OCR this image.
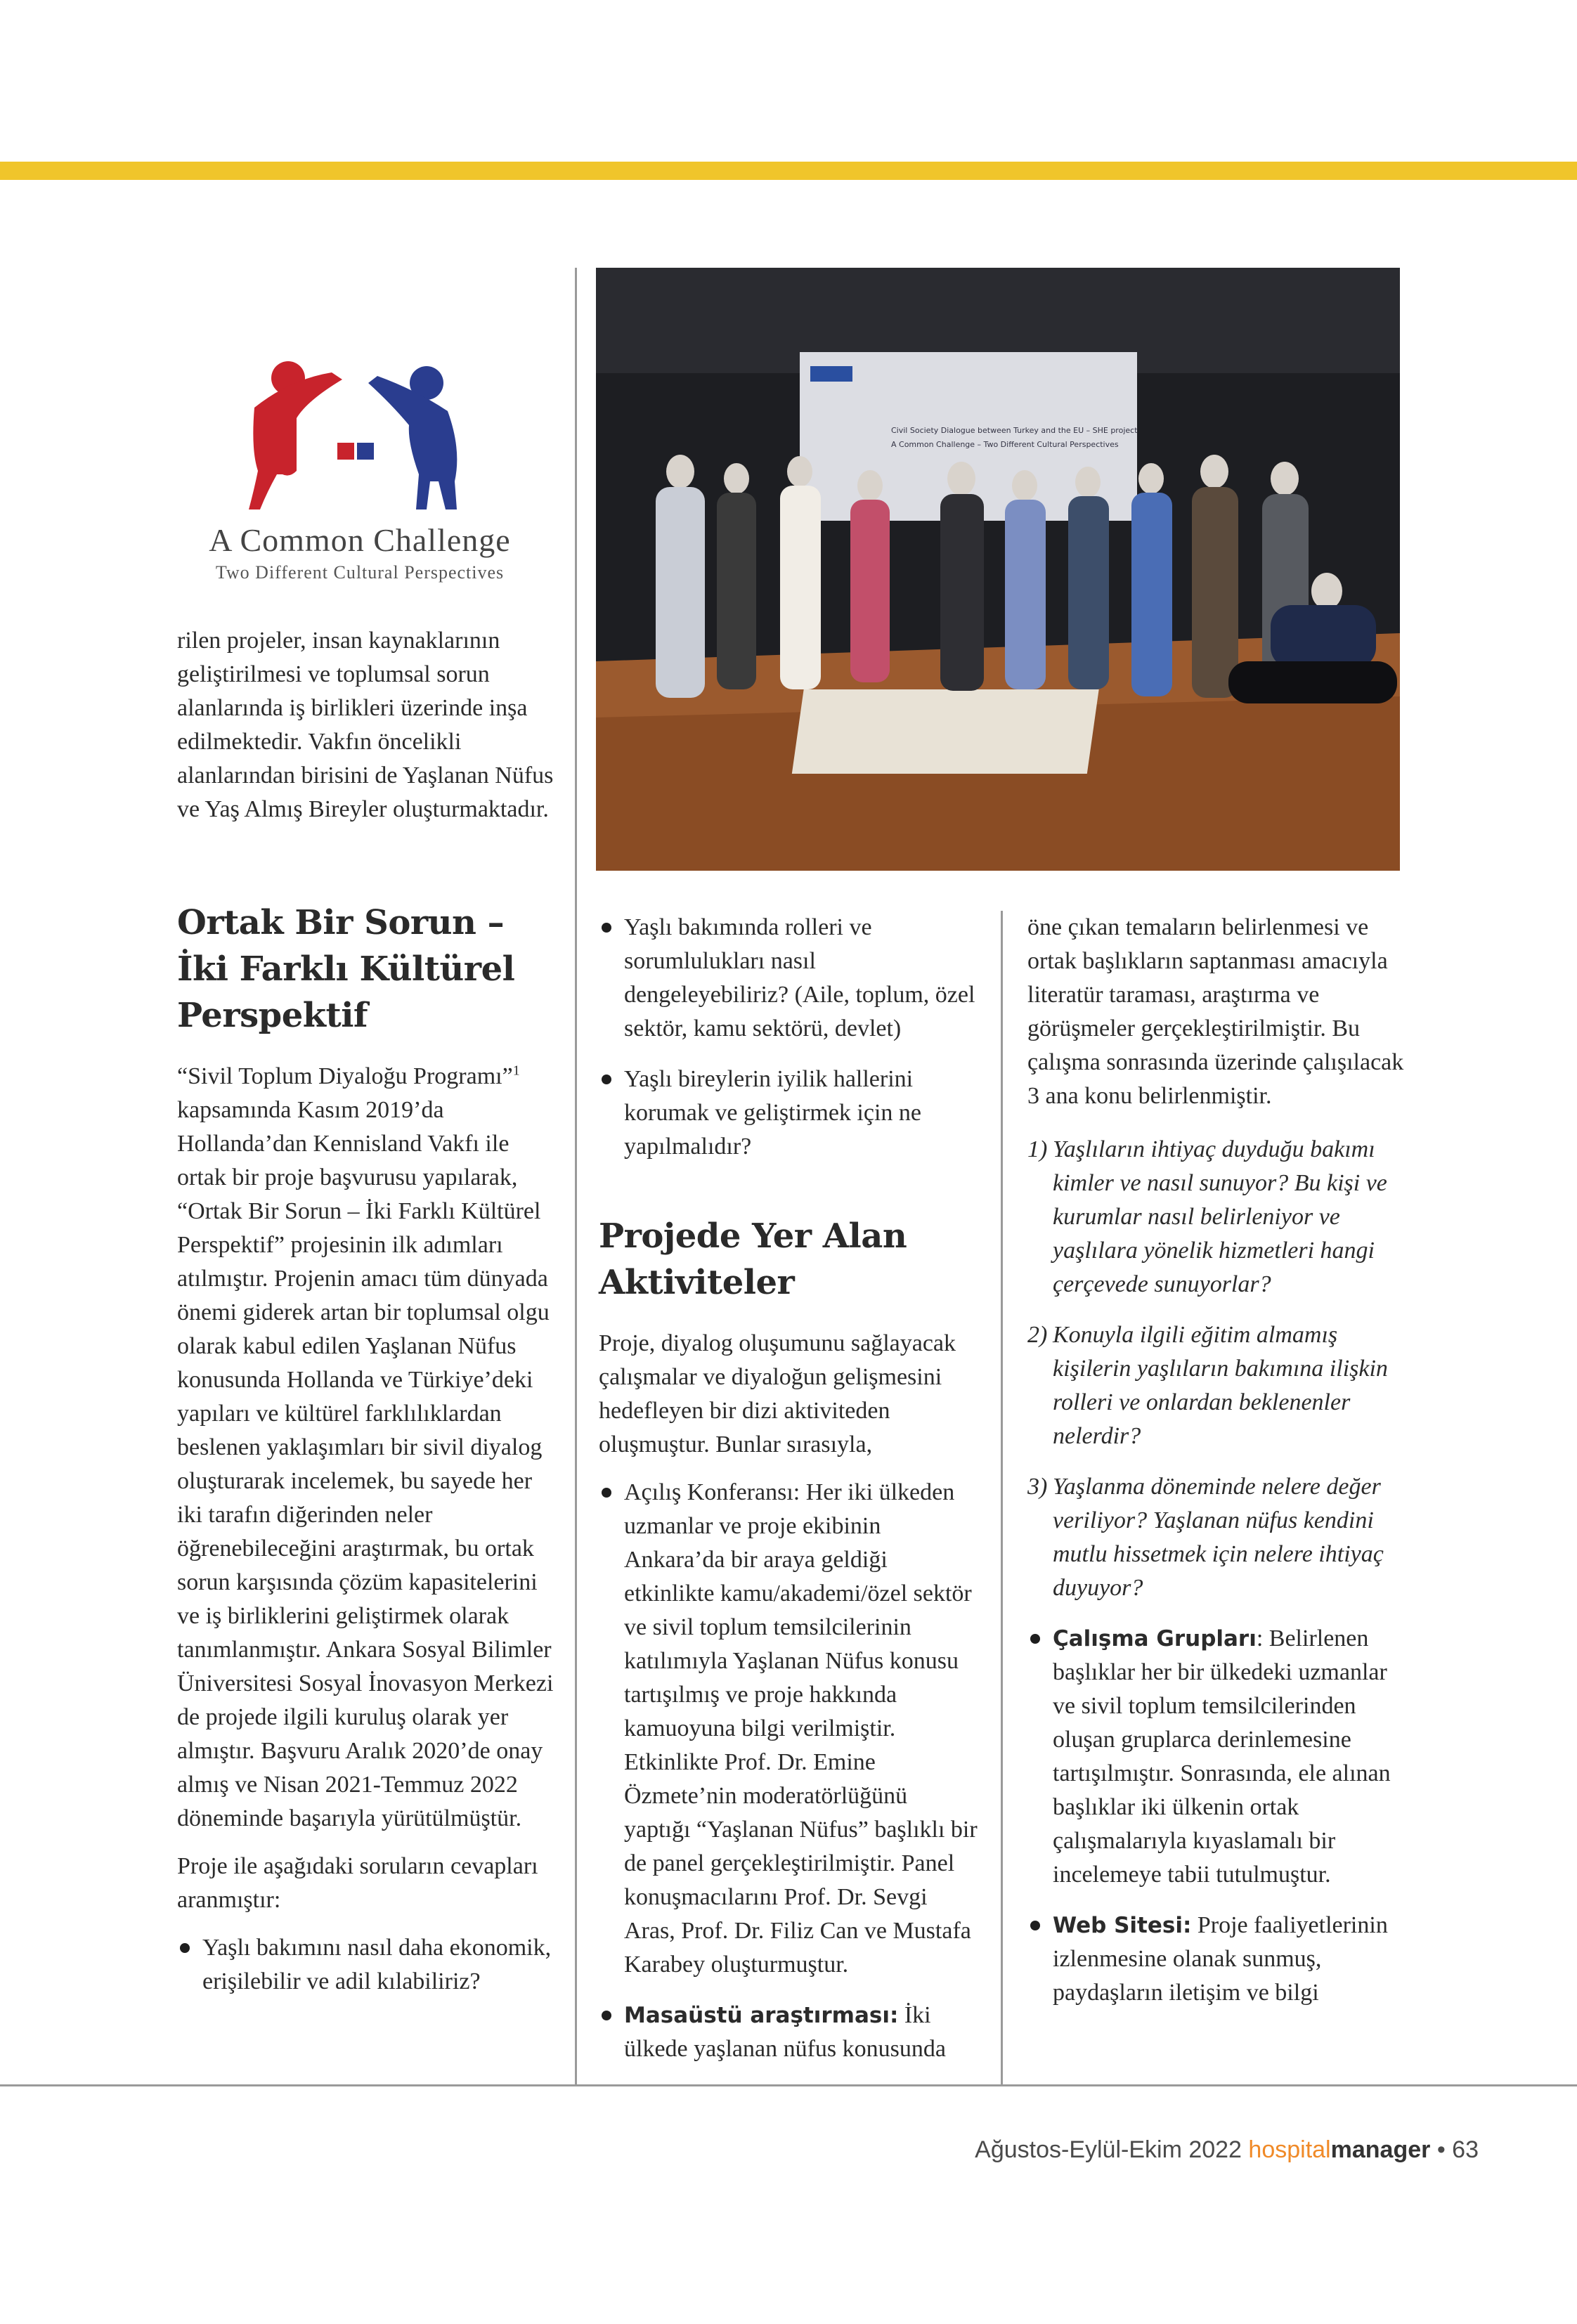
A Common Challenge
Two Different Cultural Perspectives
Civil Society Dialogue between Turkey and the EU – SHE project
A Common Challenge – Two Different Cultural Perspectives

rilen projeler, insan kaynaklarının geliştirilmesi ve toplumsal sorun alanlarında iş birlikleri üzerinde inşa edilmektedir. Vakfın öncelikli alanlarından birisini de Yaşlanan Nüfus ve Yaş Almış Bireyler oluşturmaktadır.

Ortak Bir Sorun –
İki Farklı Kültürel
Perspektif

“Sivil Toplum Diyaloğu Programı”$^1$ kapsamında Kasım 2019’da Hollanda’dan Kennisland Vakfı ile ortak bir proje başvurusu yapılarak, “Ortak Bir Sorun – İki Farklı Kültürel Perspektif” projesinin ilk adımları atılmıştır. Projenin amacı tüm dünyada önemi giderek artan bir toplumsal olgu olarak kabul edilen Yaşlanan Nüfus konusunda Hollanda ve Türkiye’deki yapıları ve kültürel farklılıklardan beslenen yaklaşımları bir sivil diyalog oluşturarak incelemek, bu sayede her iki tarafın diğerinden neler öğrenebileceğini araştırmak, bu ortak sorun karşısında çözüm kapasitelerini ve iş birliklerini geliştirmek olarak tanımlanmıştır. Ankara Sosyal Bilimler Üniversitesi Sosyal İnovasyon Merkezi de projede ilgili kuruluş olarak yer almıştır. Başvuru Aralık 2020’de onay almış ve Nisan 2021-Temmuz 2022 döneminde başarıyla yürütülmüştür.

Proje ile aşağıdaki soruların cevapları aranmıştır:

Yaşlı bakımını nasıl daha ekonomik, erişilebilir ve adil kılabiliriz?
Yaşlı bakımında rolleri ve sorumlulukları nasıl dengeleyebiliriz? (Aile, toplum, özel sektör, kamu sektörü, devlet)
Yaşlı bireylerin iyilik hallerini korumak ve geliştirmek için ne yapılmalıdır?
Projede Yer Alan
Aktiviteler

Proje, diyalog oluşumunu sağlayacak çalışmalar ve diyaloğun gelişmesini hedefleyen bir dizi aktiviteden oluşmuştur. Bunlar sırasıyla,

Açılış Konferansı: Her iki ülkeden uzmanlar ve proje ekibinin Ankara’da bir araya geldiği etkinlikte kamu/akademi/özel sektör ve sivil toplum temsilcilerinin katılımıyla Yaşlanan Nüfus konusu tartışılmış ve proje hakkında kamuoyuna bilgi verilmiştir. Etkinlikte Prof. Dr. Emine Özmete’nin moderatörlüğünü yaptığı “Yaşlanan Nüfus” başlıklı bir de panel gerçekleştirilmiştir. Panel konuşmacılarını Prof. Dr. Sevgi Aras, Prof. Dr. Filiz Can ve Mustafa Karabey oluşturmuştur.
Masaüstü araştırması: İki ülkede yaşlanan nüfus konusunda

öne çıkan temaların belirlenmesi ve ortak başlıkların saptanması amacıyla literatür taraması, araştırma ve görüşmeler gerçekleştirilmiştir. Bu çalışma sonrasında üzerinde çalışılacak 3 ana konu belirlenmiştir.

1) Yaşlıların ihtiyaç duyduğu bakımı kimler ve nasıl sunuyor? Bu kişi ve kurumlar nasıl belirleniyor ve yaşlılara yönelik hizmetleri hangi çerçevede sunuyorlar?
2) Konuyla ilgili eğitim almamış kişilerin yaşlıların bakımına ilişkin rolleri ve onlardan beklenenler nelerdir?
3) Yaşlanma döneminde nelere değer veriliyor? Yaşlanan nüfus kendini mutlu hissetmek için nelere ihtiyaç duyuyor?
Çalışma Grupları: Belirlenen başlıklar her bir ülkedeki uzmanlar ve sivil toplum temsilcilerinden oluşan gruplarca derinlemesine tartışılmıştır. Sonrasında, ele alınan başlıklar iki ülkenin ortak çalışmalarıyla kıyaslamalı bir incelemeye tabii tutulmuştur.
Web Sitesi: Proje faaliyetlerinin izlenmesine olanak sunmuş, paydaşların iletişim ve bilgi
Ağustos-Eylül-Ekim 2022 hospitalmanager • 63
